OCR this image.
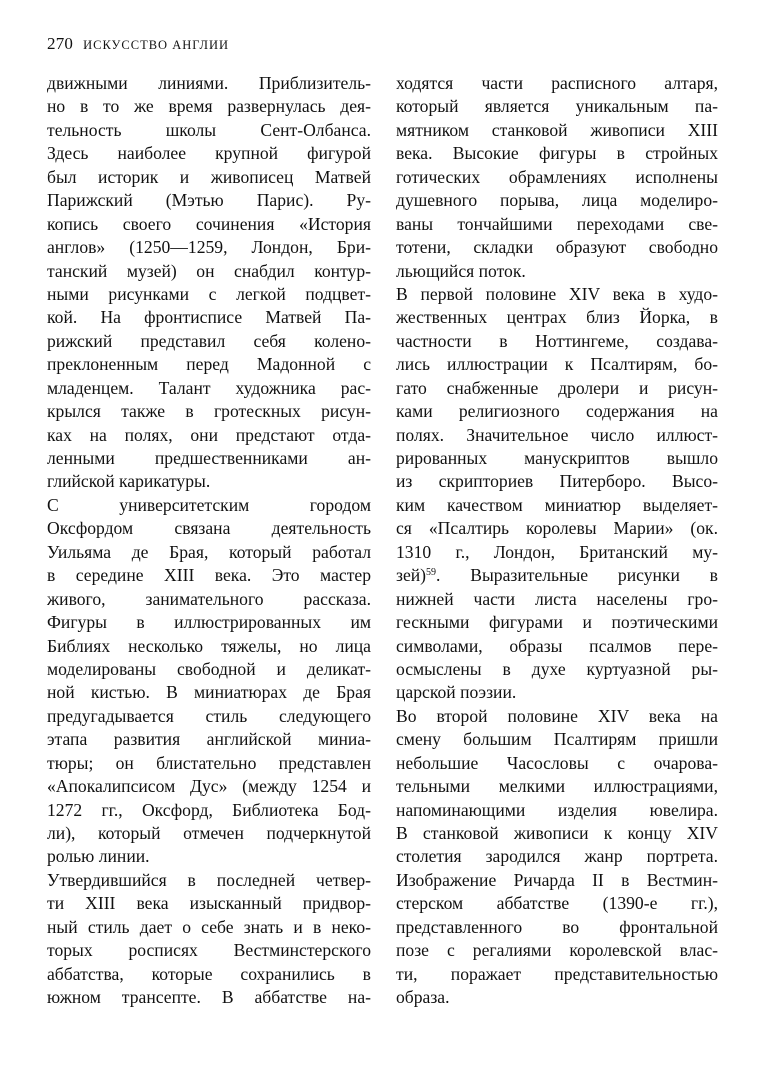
270 ИСКУССТВО АНГЛИИ
движными линиями. Приблизитель-
но в то же время развернулась дея-
тельность школы Сент-Олбанса.
Здесь наиболее крупной фигурой
был историк и живописец Матвей
Парижский (Мэтью Парис). Ру-
копись своего сочинения «История
англов» (1250—1259, Лондон, Бри-
танский музей) он снабдил контур-
ными рисунками с легкой подцвет-
кой. На фронтисписе Матвей Па-
рижский представил себя колено-
преклоненным перед Мадонной с
младенцем. Талант художника рас-
крылся также в гротескных рисун-
ках на полях, они предстают отда-
ленными предшественниками ан-
глийской карикатуры.
С университетским городом
Оксфордом связана деятельность
Уильяма де Брая, который работал
в середине XIII века. Это мастер
живого, занимательного рассказа.
Фигуры в иллюстрированных им
Библиях несколько тяжелы, но лица
моделированы свободной и деликат-
ной кистью. В миниатюрах де Брая
предугадывается стиль следующего
этапа развития английской миниа-
тюры; он блистательно представлен
«Апокалипсисом Дус» (между 1254 и
1272 гг., Оксфорд, Библиотека Бод-
ли), который отмечен подчеркнутой
ролью линии.
Утвердившийся в последней четвер-
ти XIII века изысканный придвор-
ный стиль дает о себе знать и в неко-
торых росписях Вестминстерского
аббатства, которые сохранились в
южном трансепте. В аббатстве на-
ходятся части расписного алтаря,
который является уникальным па-
мятником станковой живописи XIII
века. Высокие фигуры в стройных
готических обрамлениях исполнены
душевного порыва, лица моделиро-
ваны тончайшими переходами све-
тотени, складки образуют свободно
льющийся поток.
В первой половине XIV века в худо-
жественных центрах близ Йорка, в
частности в Ноттингеме, создава-
лись иллюстрации к Псалтирям, бо-
гато снабженные дролери и рисун-
ками религиозного содержания на
полях. Значительное число иллюст-
рированных манускриптов вышло
из скрипториев Питерборо. Высо-
ким качеством миниатюр выделяет-
ся «Псалтирь королевы Марии» (ок.
1310 г., Лондон, Британский му-
зей)$^{59}$. Выразительные рисунки в
нижней части листа населены гро-
гескными фигурами и поэтическими
символами, образы псалмов пере-
осмыслены в духе куртуазной ры-
царской поэзии.
Во второй половине XIV века на
смену большим Псалтирям пришли
небольшие Часословы с очарова-
тельными мелкими иллюстрациями,
напоминающими изделия ювелира.
В станковой живописи к концу XIV
столетия зародился жанр портрета.
Изображение Ричарда II в Вестмин-
стерском аббатстве (1390-е гг.),
представленного во фронтальной
позе с регалиями королевской влас-
ти, поражает представительностью
образа.
